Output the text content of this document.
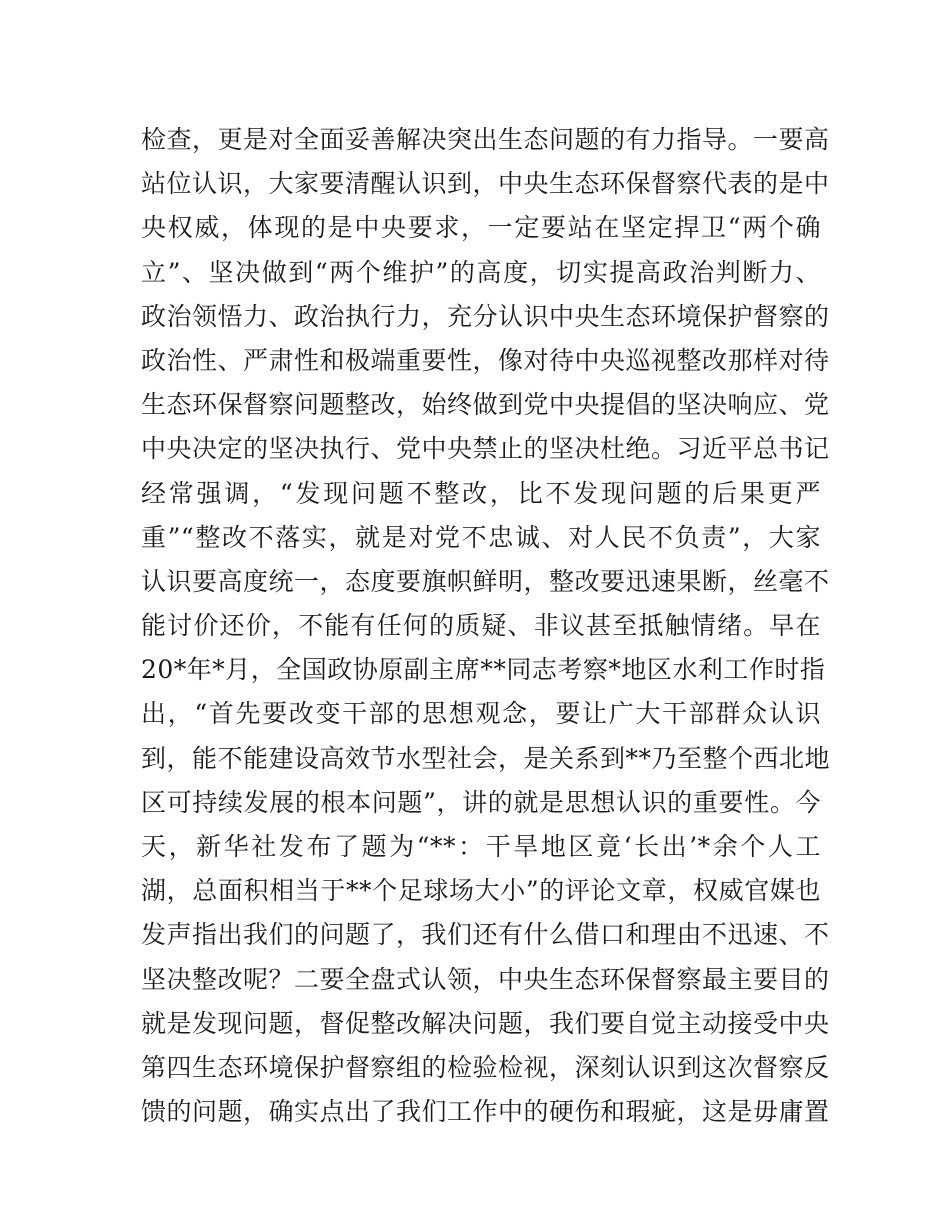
检查，更是对全面妥善解决突出生态问题的有力指导。一要高
站位认识，大家要清醒认识到，中央生态环保督察代表的是中
央权威，体现的是中央要求，一定要站在坚定捍卫“两个确
立”、坚决做到“两个维护”的高度，切实提高政治判断力、
政治领悟力、政治执行力，充分认识中央生态环境保护督察的
政治性、严肃性和极端重要性，像对待中央巡视整改那样对待
生态环保督察问题整改，始终做到党中央提倡的坚决响应、党
中央决定的坚决执行、党中央禁止的坚决杜绝。习近平总书记
经常强调，“发现问题不整改，比不发现问题的后果更严
重”“整改不落实，就是对党不忠诚、对人民不负责”，大家
认识要高度统一，态度要旗帜鲜明，整改要迅速果断，丝毫不
能讨价还价，不能有任何的质疑、非议甚至抵触情绪。早在
20*年*月，全国政协原副主席**同志考察*地区水利工作时指
出，“首先要改变干部的思想观念，要让广大干部群众认识
到，能不能建设高效节水型社会，是关系到**乃至整个西北地
区可持续发展的根本问题”，讲的就是思想认识的重要性。今
天，新华社发布了题为“**：干旱地区竟‘长出’*余个人工
湖，总面积相当于**个足球场大小”的评论文章，权威官媒也
发声指出我们的问题了，我们还有什么借口和理由不迅速、不
坚决整改呢？二要全盘式认领，中央生态环保督察最主要目的
就是发现问题，督促整改解决问题，我们要自觉主动接受中央
第四生态环境保护督察组的检验检视，深刻认识到这次督察反
馈的问题，确实点出了我们工作中的硬伤和瑕疵，这是毋庸置
